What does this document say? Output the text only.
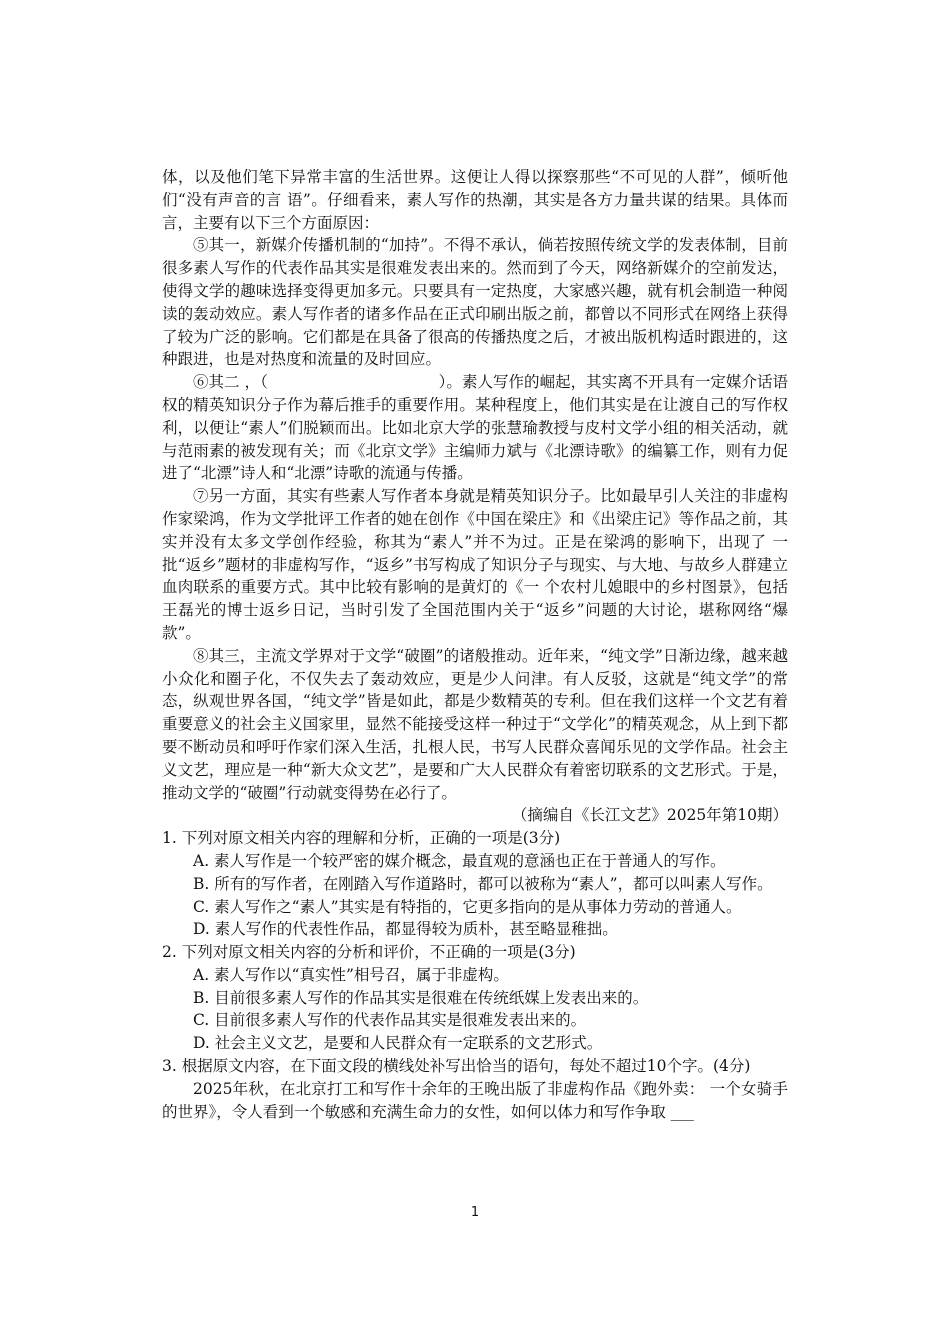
体，以及他们笔下异常丰富的生活世界。这便让人得以探察那些“不可见的人群”，倾听他们“没有声音的言 语”。仔细看来，素人写作的热潮，其实是各方力量共谋的结果。具体而言，主要有以下三个方面原因：

⑤其一，新媒介传播机制的“加持”。不得不承认，倘若按照传统文学的发表体制，目前很多素人写作的代表作品其实是很难发表出来的。然而到了今天，网络新媒介的空前发达，使得文学的趣味选择变得更加多元。只要具有一定热度，大家感兴趣，就有机会制造一种阅读的轰动效应。素人写作者的诸多作品在正式印刷出版之前，都曾以不同形式在网络上获得了较为广泛的影响。它们都是在具备了很高的传播热度之后，才被出版机构适时跟进的，这种跟进，也是对热度和流量的及时回应。

⑥其二 ，（　　　　　　　　　　　）。素人写作的崛起，其实离不开具有一定媒介话语 权的精英知识分子作为幕后推手的重要作用。某种程度上，他们其实是在让渡自己的写作权利，以便让“素人”们脱颖而出。比如北京大学的张慧瑜教授与皮村文学小组的相关活动，就与范雨素的被发现有关；而《北京文学》主编师力斌与《北漂诗歌》的编纂工作，则有力促进了“北漂”诗人和“北漂”诗歌的流通与传播。

⑦另一方面，其实有些素人写作者本身就是精英知识分子。比如最早引人关注的非虚构作家梁鸿，作为文学批评工作者的她在创作《中国在梁庄》和《出梁庄记》等作品之前，其实并没有太多文学创作经验，称其为“素人”并不为过。正是在梁鸿的影响下，出现了 一批“返乡”题材的非虚构写作，“返乡”书写构成了知识分子与现实、与大地、与故乡人群建立血肉联系的重要方式。其中比较有影响的是黄灯的《一 个农村儿媳眼中的乡村图景》，包括王磊光的博士返乡日记，当时引发了全国范围内关于“返乡”问题的大讨论，堪称网络“爆款”。

⑧其三，主流文学界对于文学“破圈”的诸般推动。近年来，“纯文学”日渐边缘，越来越小众化和圈子化，不仅失去了轰动效应，更是少人问津。有人反驳，这就是“纯文学”的常态，纵观世界各国，“纯文学”皆是如此，都是少数精英的专利。但在我们这样一个文艺有着重要意义的社会主义国家里，显然不能接受这样一种过于“文学化”的精英观念，从上到下都要不断动员和呼吁作家们深入生活，扎根人民，书写人民群众喜闻乐见的文学作品。社会主义文艺，理应是一种“新大众文艺”，是要和广大人民群众有着密切联系的文艺形式。于是，推动文学的“破圈”行动就变得势在必行了。

（摘编自《长江文艺》2025年第10期）

1. 下列对原文相关内容的理解和分析，正确的一项是(3分)

A. 素人写作是一个较严密的媒介概念，最直观的意涵也正在于普通人的写作。

B. 所有的写作者，在刚踏入写作道路时，都可以被称为“素人”，都可以叫素人写作。

C. 素人写作之“素人”其实是有特指的，它更多指向的是从事体力劳动的普通人。

D. 素人写作的代表性作品，都显得较为质朴，甚至略显稚拙。

2. 下列对原文相关内容的分析和评价，不正确的一项是(3分)

A. 素人写作以“真实性”相号召，属于非虚构。

B. 目前很多素人写作的作品其实是很难在传统纸媒上发表出来的。

C. 目前很多素人写作的代表作品其实是很难发表出来的。

D. 社会主义文艺，是要和人民群众有一定联系的文艺形式。

3. 根据原文内容，在下面文段的横线处补写出恰当的语句，每处不超过10个字。(4分)

2025年秋，在北京打工和写作十余年的王晚出版了非虚构作品《跑外卖： 一个女骑手的世界》，令人看到一个敏感和充满生命力的女性，如何以体力和写作争取 ___

1
